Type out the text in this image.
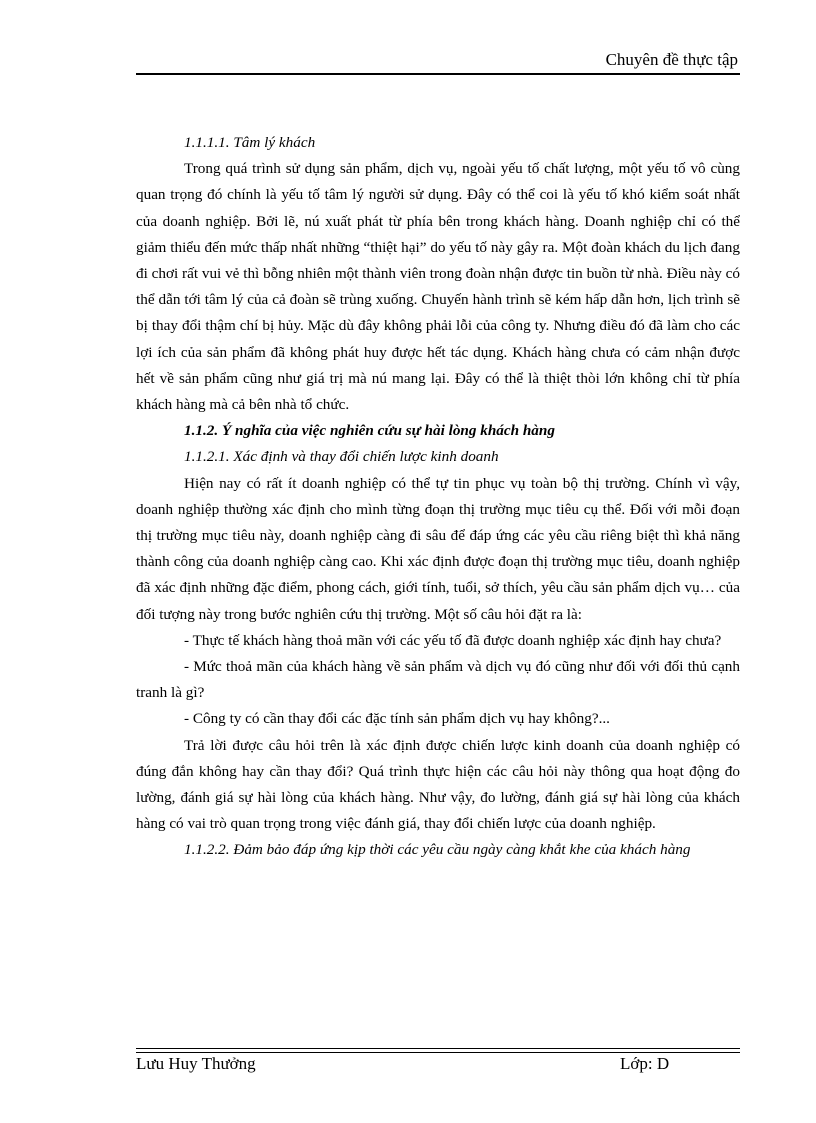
Chuyên đề thực tập

1.1.1.1. Tâm lý khách

Trong quá trình sử dụng sản phẩm, dịch vụ, ngoài yếu tố chất lượng, một yếu tố vô cùng quan trọng đó chính là yếu tố tâm lý người sử dụng. Đây có thể coi là yếu tố khó kiểm soát nhất của doanh nghiệp. Bởi lẽ, nú xuất phát từ phía bên trong khách hàng. Doanh nghiệp chỉ có thể giảm thiểu đến mức thấp nhất những “thiệt hại” do yếu tố này gây ra. Một đoàn khách du lịch đang đi chơi rất vui vẻ thì bỗng nhiên một thành viên trong đoàn nhận được tin buồn từ nhà. Điều này có thể dẫn tới tâm lý của cả đoàn sẽ trùng xuống. Chuyến hành trình sẽ kém hấp dẫn hơn, lịch trình sẽ bị thay đổi thậm chí bị hủy. Mặc dù đây không phải lỗi của công ty. Nhưng điều đó đã làm cho các lợi ích của sản phẩm đã không phát huy được hết tác dụng. Khách hàng chưa có cảm nhận được hết về sản phẩm cũng như giá trị mà nú mang lại. Đây có thể là thiệt thòi lớn không chỉ từ phía khách hàng mà cả bên nhà tổ chức.

1.1.2. Ý nghĩa của việc nghiên cứu sự hài lòng khách hàng

1.1.2.1. Xác định và thay đổi chiến lược kinh doanh

Hiện nay có rất ít doanh nghiệp có thể tự tin phục vụ toàn bộ thị trường. Chính vì vậy, doanh nghiệp thường xác định cho mình từng đoạn thị trường mục tiêu cụ thể. Đối với mỗi đoạn thị trường mục tiêu này, doanh nghiệp càng đi sâu để đáp ứng các yêu cầu riêng biệt thì khả năng thành công của doanh nghiệp càng cao. Khi xác định được đoạn thị trường mục tiêu, doanh nghiệp đã xác định những đặc điểm, phong cách, giới tính, tuổi, sở thích, yêu cầu sản phẩm dịch vụ… của đối tượng này trong bước nghiên cứu thị trường. Một số câu hỏi đặt ra là:

- Thực tế khách hàng thoả mãn với các yếu tố đã được doanh nghiệp xác định hay chưa?

- Mức thoả mãn của khách hàng về sản phẩm và dịch vụ đó cũng như đối với đối thủ cạnh tranh là gì?

- Công ty có cần thay đổi các đặc tính sản phẩm dịch vụ hay không?...

Trả lời được câu hỏi trên là xác định được chiến lược kinh doanh của doanh nghiệp có đúng đắn không hay cần thay đổi? Quá trình thực hiện các câu hỏi này thông qua hoạt động đo lường, đánh giá sự hài lòng của khách hàng. Như vậy, đo lường, đánh giá sự hài lòng của khách hàng có vai trò quan trọng trong việc đánh giá, thay đổi chiến lược của doanh nghiệp.

1.1.2.2. Đảm bảo đáp ứng kịp thời các yêu cầu ngày càng khắt khe của khách hàng

Lưu Huy Thưởng	Lớp: D
